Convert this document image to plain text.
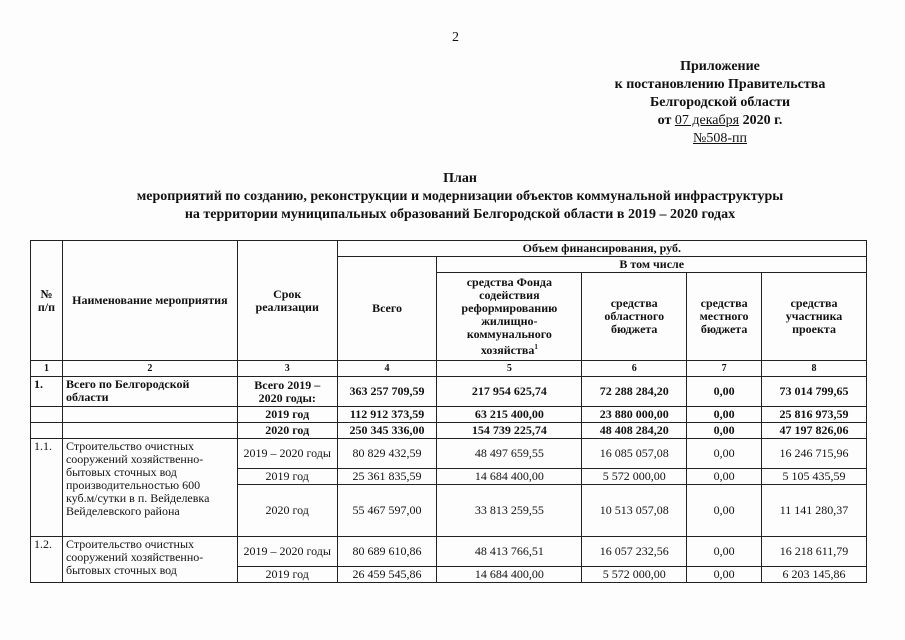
2
Приложение
к постановлению Правительства
Белгородской области
от 07 декабря 2020 г.
№508-пп
План
мероприятий по созданию, реконструкции и модернизации объектов коммунальной инфраструктуры
на территории муниципальных образований Белгородской области в 2019 – 2020 годах
№ п/п	Наименование мероприятия	Срок реализации	Объем финансирования, руб.				
			Всего	В том числе			
				средства Фонда содействия реформированию жилищно-коммунального хозяйства$^1$	средства областного бюджета	средства местного бюджета	средства участника проекта
1	2	3	4	5	6	7	8
1.	Всего по Белгородской области	Всего 2019 – 2020 годы:	363 257 709,59	217 954 625,74	72 288 284,20	0,00	73 014 799,65
		2019 год	112 912 373,59	63 215 400,00	23 880 000,00	0,00	25 816 973,59
		2020 год	250 345 336,00	154 739 225,74	48 408 284,20	0,00	47 197 826,06
1.1.	Строительство очистных сооружений хозяйственно-бытовых сточных вод производительностью 600 куб.м/сутки в п. Вейделевка Вейделевского района	2019 – 2020 годы	80 829 432,59	48 497 659,55	16 085 057,08	0,00	16 246 715,96
		2019 год	25 361 835,59	14 684 400,00	5 572 000,00	0,00	5 105 435,59
		2020 год	55 467 597,00	33 813 259,55	10 513 057,08	0,00	11 141 280,37
1.2.	Строительство очистных сооружений хозяйственно-бытовых сточных вод	2019 – 2020 годы	80 689 610,86	48 413 766,51	16 057 232,56	0,00	16 218 611,79
		2019 год	26 459 545,86	14 684 400,00	5 572 000,00	0,00	6 203 145,86
